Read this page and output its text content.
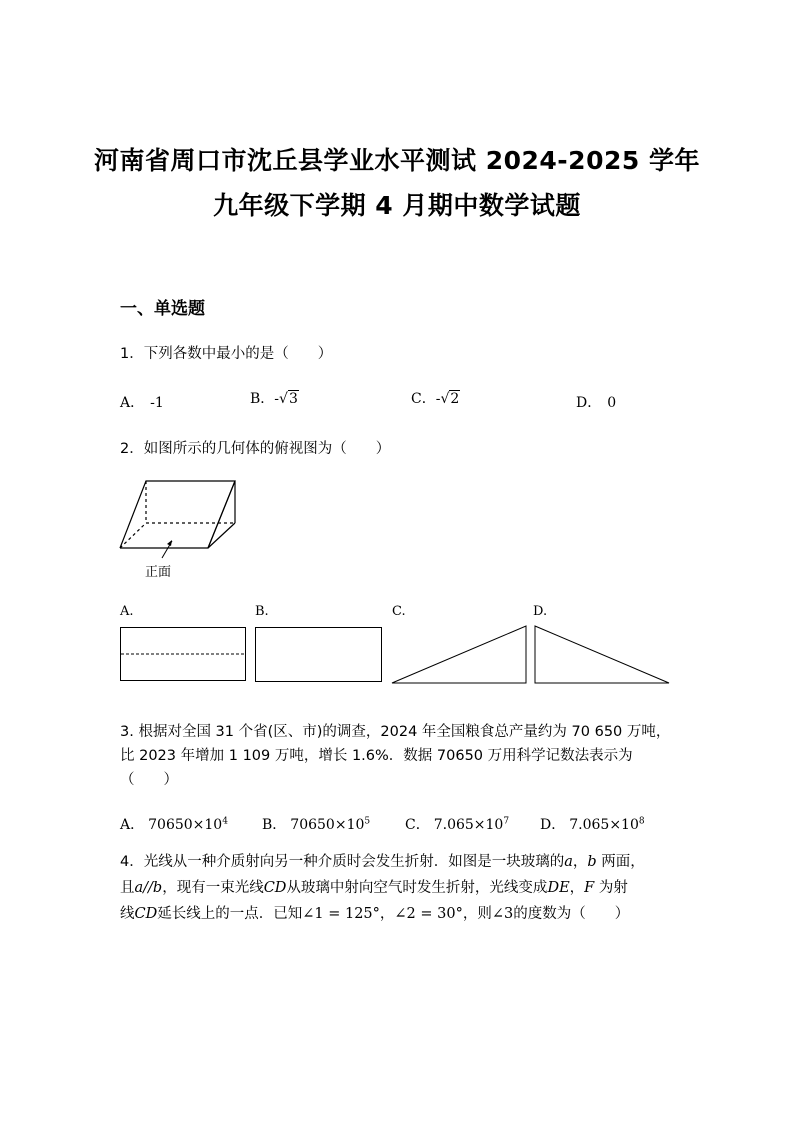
河南省周口市沈丘县学业水平测试 2024-2025 学年
九年级下学期 4 月期中数学试题
一、单选题
1．下列各数中最小的是（　　）
A． -1	B．-√3	C．-√2	D． 0
2．如图所示的几何体的俯视图为（　　）
正面
A.	B.	C.	D.
3. 根据对全国 31 个省(区、市)的调查，2024 年全国粮食总产量约为 70 650 万吨，
比 2023 年增加 1 109 万吨，增长 1.6%．数据 70650 万用科学记数法表示为
（　　）
A． $70650\times 10^4$ B． $70650\times 10^5$ C． $7.065\times 10^7$ D． $7.065\times 10^8$
4．光线从一种介质射向另一种介质时会发生折射．如图是一块玻璃的a，b 两面，
且a//b，现有一束光线CD从玻璃中射向空气时发生折射，光线变成DE，F 为射
线CD延长线上的一点．已知∠1 = 125°，∠2 = 30°，则∠3的度数为（　　）
